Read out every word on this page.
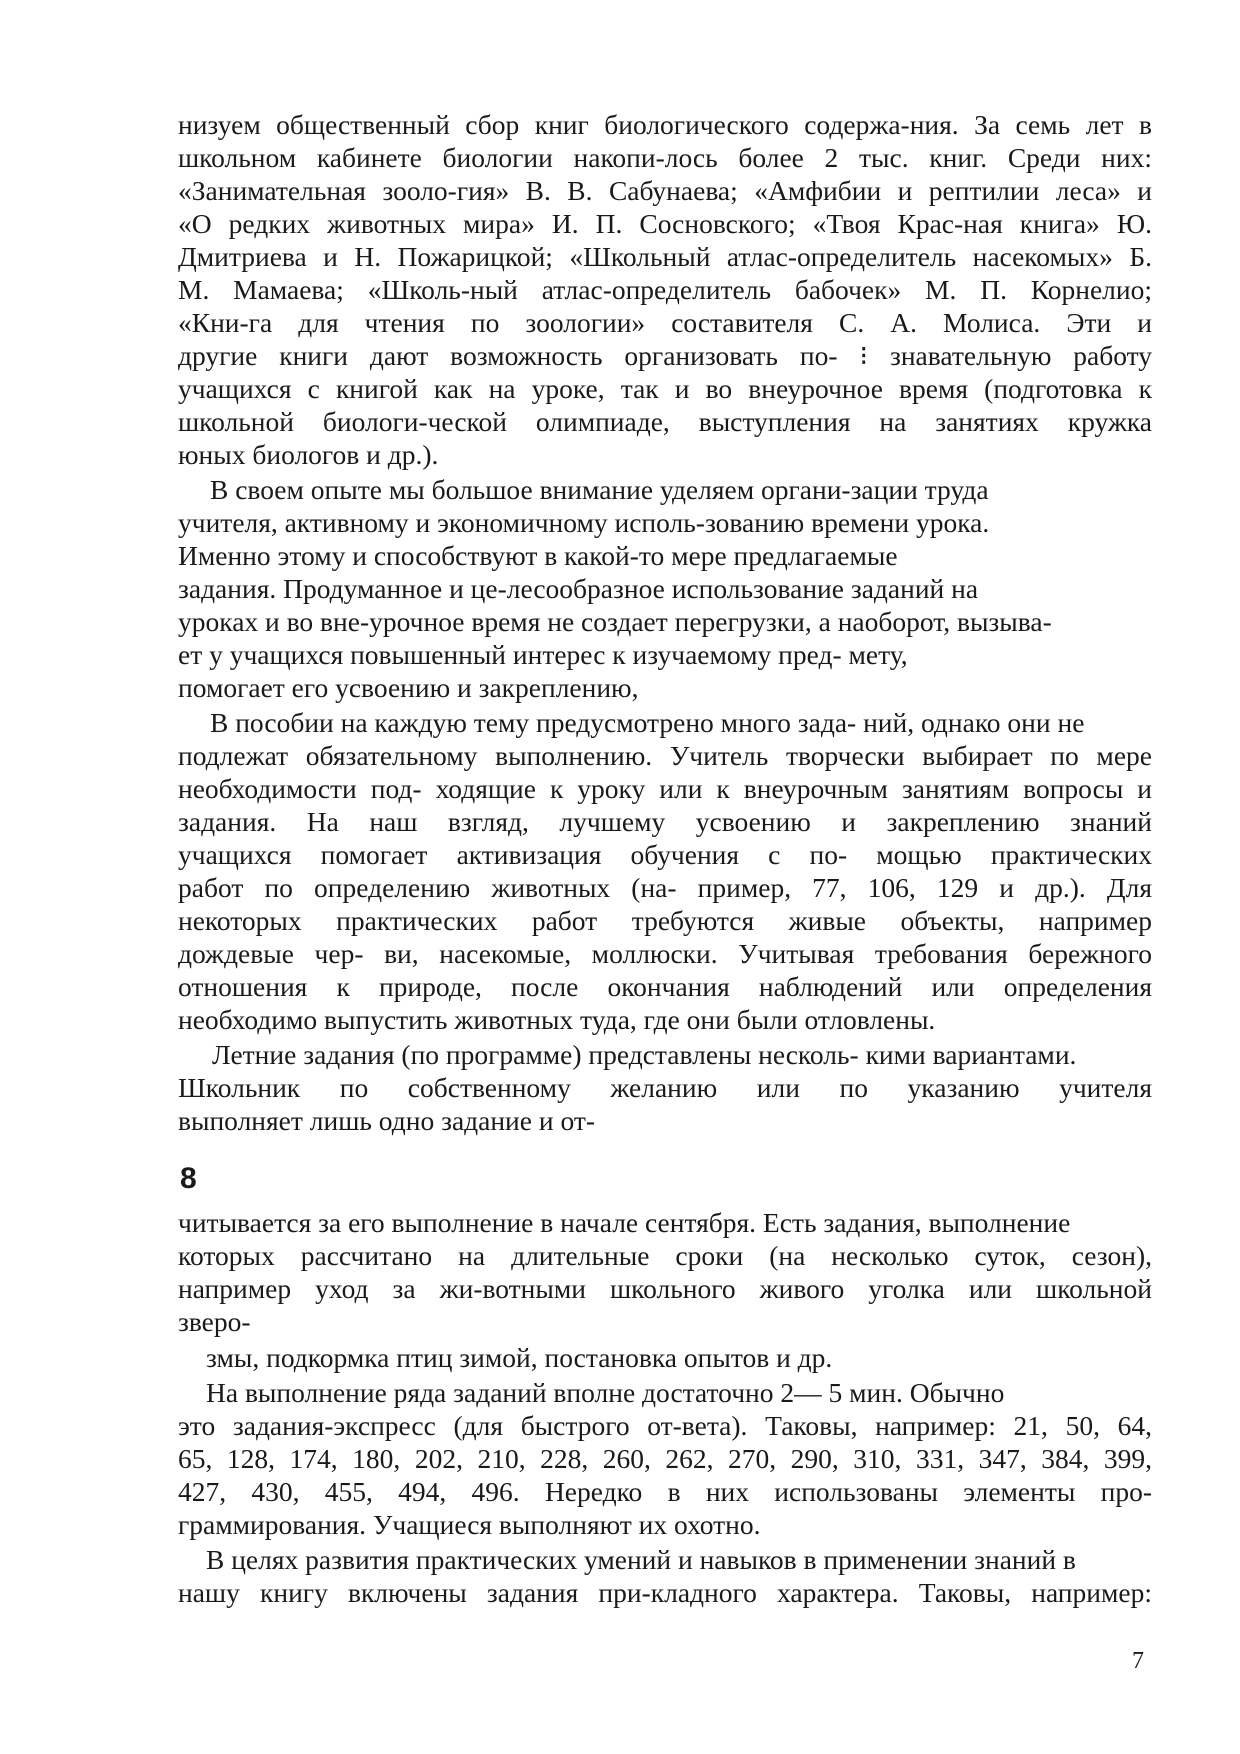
низуем общественный сбор книг биологического содержа-ния. За семь лет в
школьном кабинете биологии накопи-лось более 2 тыс. книг. Среди них:
«Занимательная зооло-гия» В. В. Сабунаева; «Амфибии и рептилии леса» и
«О редких животных мира» И. П. Сосновского; «Твоя Крас-ная книга» Ю.
Дмитриева и Н. Пожарицкой; «Школьный атлас-определитель насекомых» Б.
М. Мамаева; «Школь-ный атлас-определитель бабочек» М. П. Корнелио;
«Кни-га для чтения по зоологии» составителя С. А. Молиса. Эти и
другие книги дают возможность организовать по- ⁝ знавательную работу
учащихся с книгой как на уроке, так и во внеурочное время (подготовка к
школьной биологи-ческой олимпиаде, выступления на занятиях кружка
юных биологов и др.).
В своем опыте мы большое внимание уделяем органи-зации труда
учителя, активному и экономичному исполь-зованию времени урока.
Именно этому и способствуют в какой-то мере предлагаемые
задания. Продуманное и це-лесообразное использование заданий на
уроках и во вне-урочное время не создает перегрузки, а наоборот, вызыва-
ет у учащихся повышенный интерес к изучаемому пред- мету,
помогает его усвоению и закреплению,
В пособии на каждую тему предусмотрено много зада- ний, однако они не
подлежат обязательному выполнению. Учитель творчески выбирает по мере
необходимости под- ходящие к уроку или к внеурочным занятиям вопросы и
задания. На наш взгляд, лучшему усвоению и закреплению знаний
учащихся помогает активизация обучения с по- мощью практических
работ по определению животных (на- пример, 77, 106, 129 и др.). Для
некоторых практических работ требуются живые объекты, например
дождевые чер- ви, насекомые, моллюски. Учитывая требования бережного
отношения к природе, после окончания наблюдений или определения
необходимо выпустить животных туда, где они были отловлены.
Летние задания (по программе) представлены несколь- кими вариантами.
Школьник по собственному желанию или по указанию учителя
выполняет лишь одно задание и от-
8
читывается за его выполнение в начале сентября. Есть задания, выполнение
которых рассчитано на длительные сроки (на несколько суток, сезон),
например уход за жи-вотными школьного живого уголка или школьной
зверо-
змы, подкормка птиц зимой, постановка опытов и др.
На выполнение ряда заданий вполне достаточно 2— 5 мин. Обычно
это задания-экспресс (для быстрого от-вета). Таковы, например: 21, 50, 64,
65, 128, 174, 180, 202, 210, 228, 260, 262, 270, 290, 310, 331, 347, 384, 399,
427, 430, 455, 494, 496. Нередко в них использованы элементы про-
граммирования. Учащиеся выполняют их охотно.
В целях развития практических умений и навыков в применении знаний в
нашу книгу включены задания при-кладного характера. Таковы, например:
7
